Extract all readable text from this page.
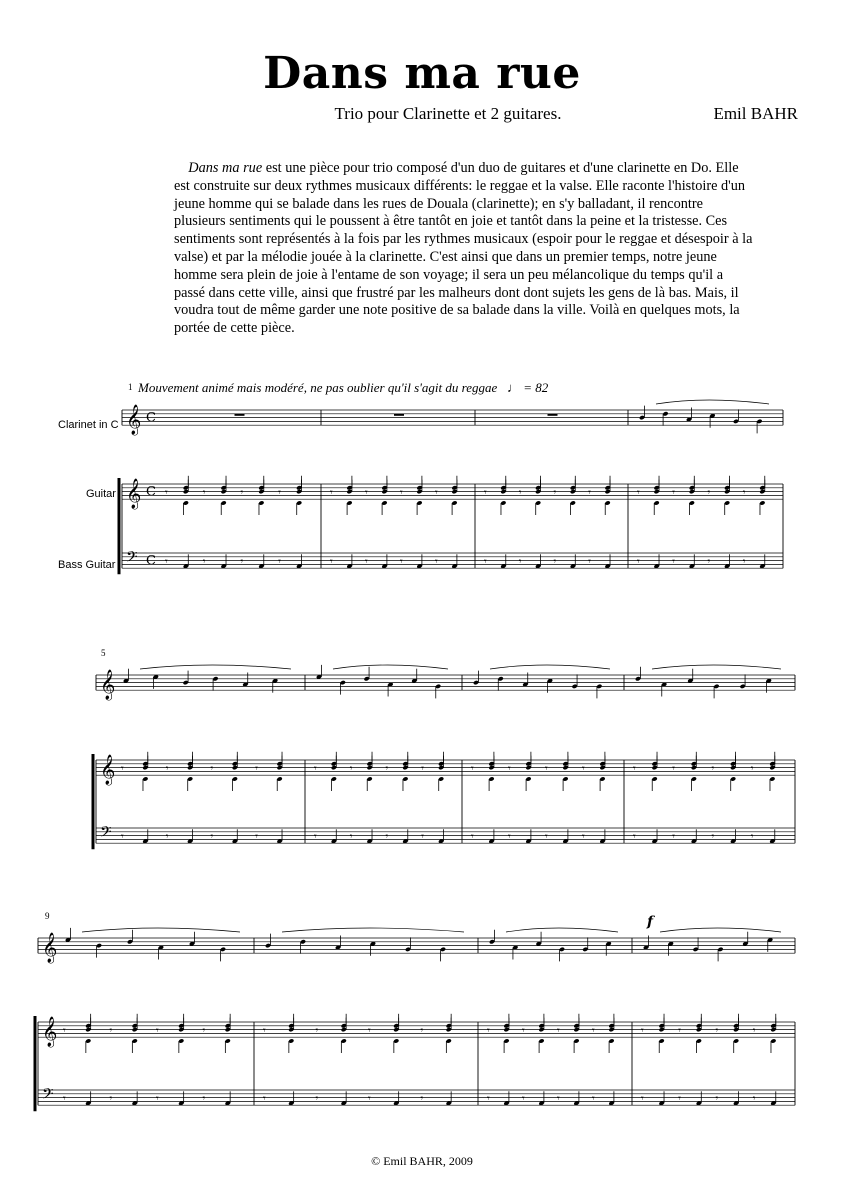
Dans ma rue
Trio pour Clarinette et 2 guitares.	Emil BAHR

Dans ma rue est une pièce pour trio composé d'un duo de guitares et d'une clarinette en Do. Elle est construite sur deux rythmes musicaux différents: le reggae et la valse. Elle raconte l'histoire d'un jeune homme qui se balade dans les rues de Douala (clarinette); en s'y balladant, il rencontre plusieurs sentiments qui le poussent à être tantôt en joie et tantôt dans la peine et la tristesse. Ces sentiments sont représentés à la fois par les rythmes musicaux (espoir pour le reggae et désespoir à la valse) et par la mélodie jouée à la clarinette. C'est ainsi que dans un premier temps, notre jeune homme sera plein de joie à l'entame de son voyage; il sera un peu mélancolique du temps qu'il a passé dans cette ville, ainsi que frustré par les malheurs dont dont sujets les gens de là bas. Mais, il voudra tout de même garder une note positive de sa balade dans la ville. Voilà en quelques mots, la portée de cette pièce.

1 Mouvement animé mais modéré, ne pas oublier qu'il s'agit du reggae ♩ = 82
Clarinet in C
Guitar
Bass Guitar
5
9
© Emil BAHR, 2009
𝄞
𝄞
𝄢
C
C
C
𝄾
𝄾
𝄾
𝄾
𝄾
𝄾
𝄾
𝄾
𝄾
𝄾
𝄾
𝄾
𝄾
𝄾
𝄾
𝄾
𝄾
𝄾
𝄾
𝄾
𝄾
𝄾
𝄾
𝄾
𝄾
𝄾
𝄾
𝄾
𝄾
𝄾
𝄾
𝄾
𝄞
𝄞
𝄢
𝄾
𝄾
𝄾
𝄾
𝄾
𝄾
𝄾
𝄾
𝄾
𝄾
𝄾
𝄾
𝄾
𝄾
𝄾
𝄾
𝄾
𝄾
𝄾
𝄾
𝄾
𝄾
𝄾
𝄾
𝄾
𝄾
𝄾
𝄾
𝄾
𝄾
𝄾
𝄾
𝄞
𝄞
𝄢
𝄾
𝄾
𝄾
𝄾
𝄾
𝄾
𝄾
𝄾
𝄾
𝄾
𝄾
𝄾
𝄾
𝄾
𝄾
𝄾
𝄾
𝄾
𝄾
𝄾
𝄾
𝄾
𝄾
𝄾
𝄾
𝄾
𝄾
𝄾
𝄾
𝄾
𝄾
𝄾
f
